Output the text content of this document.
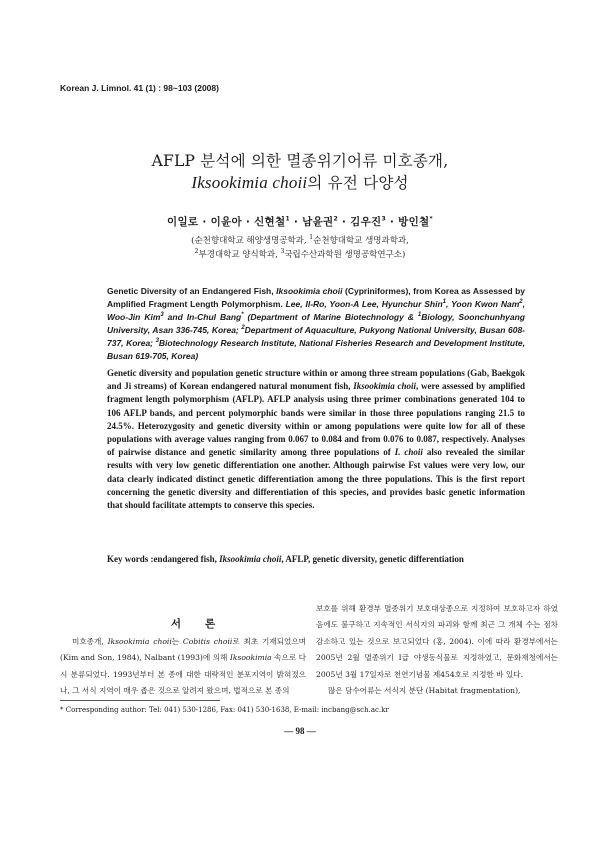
Korean J. Limnol. 41 (1) : 98~103 (2008)
AFLP 분석에 의한 멸종위기어류 미호종개,
Iksookimia choii의 유전 다양성
이일로 · 이윤아 · 신현철$^1$ · 남윤권$^2$ · 김우진$^3$ · 방인철*
(순천향대학교 해양생명공학과, $^1$순천향대학교 생명과학과,
$^2$부경대학교 양식학과, $^3$국립수산과학원 생명공학연구소)
Genetic Diversity of an Endangered Fish, Iksookimia choii (Cypriniformes), from Korea as Assessed by Amplified Fragment Length Polymorphism. Lee, Il-Ro, Yoon-A Lee, Hyunchur Shin$^1$, Yoon Kwon Nam$^2$, Woo-Jin Kim$^3$ and In-Chul Bang* (Department of Marine Biotechnology & $^1$Biology, Soonchunhyang University, Asan 336-745, Korea; $^2$Department of Aquaculture, Pukyong National University, Busan 608-737, Korea; $^3$Biotechnology Research Institute, National Fisheries Research and Development Institute, Busan 619-705, Korea)
Genetic diversity and population genetic structure within or among three stream populations (Gab, Baekgok and Ji streams) of Korean endangered natural monument fish, Iksookimia choii, were assessed by amplified fragment length polymorphism (AFLP). AFLP analysis using three primer combinations generated 104 to 106 AFLP bands, and percent polymorphic bands were similar in those three populations ranging 21.5 to 24.5%. Heterozygosity and genetic diversity within or among populations were quite low for all of these populations with average values ranging from 0.067 to 0.084 and from 0.076 to 0.087, respectively. Analyses of pairwise distance and genetic similarity among three populations of I. choii also revealed the similar results with very low genetic differentiation one another. Although pairwise Fst values were very low, our data clearly indicated distinct genetic differentiation among the three populations. This is the first report concerning the genetic diversity and differentiation of this species, and provides basic genetic information that should facilitate attempts to conserve this species.
Key words : endangered fish, Iksookimia choii, AFLP, genetic diversity, genetic differentiation
서론
미호종개, Iksookimia choii는 Cobitis choii로 최초 기재되었으며 (Kim and Son, 1984), Nalbant (1993)에 의해 Iksookimia 속으로 다시 분류되었다. 1993년부터 본 종에 대한 대략적인 분포지역이 밝혀졌으나, 그 서식 지역이 매우 좁은 것으로 알려져 왔으며, 법적으로 본 종의
보호를 위해 환경부 멸종위기 보호대상종으로 지정하여 보호하고자 하였음에도 불구하고 지속적인 서식지의 파괴와 함께 최근 그 개체 수는 점차 감소하고 있는 것으로 보고되었다 (홍, 2004). 이에 따라 환경부에서는 2005년 2월 멸종위기 I급 야생동식물로 지정하였고, 문화재청에서는 2005년 3월 17일자로 천연기념물 제454호로 지정한 바 있다.
많은 담수어류는 서식지 분단 (Habitat fragmentation),
* Corresponding author: Tel: 041) 530-1286, Fax: 041) 530-1638, E-mail: incbang@sch.ac.kr
— 98 —
